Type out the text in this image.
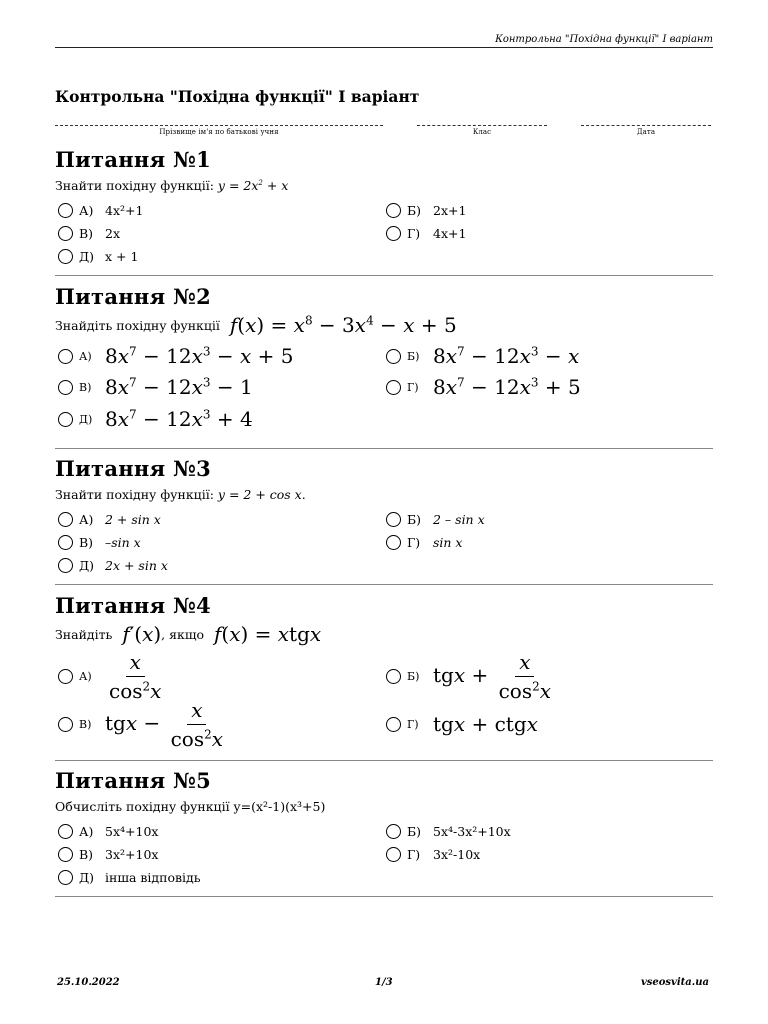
Контрольна "Похідна функції" І варіант
Контрольна "Похідна функції" І варіант
Прізвище ім'я по батькові учня	Клас	Дата
Питання №1
Знайти похідну функції: $y = 2x^2 + x$
А) 4x²+1	Б) 2x+1
В) 2x	Г)	4x+1
Д) x + 1
Питання №2
Знайдіть похідну функції $f(x) = x^8 - 3x^4 - x + 5$
А) $8x^7 - 12x^3 - x + 5$	Б) $8x^7 - 12x^3 - x$
В) $8x^7 - 12x^3 - 1$	Г) $8x^7 - 12x^3 + 5$
Д) $8x^7 - 12x^3 + 4$
Питання №3
Знайти похідну функції: y = 2 + cos x.
А) 2 + sin x	Б) 2 – sin x
В) –sin x	Г)	sin x
Д) 2x + sin x
Питання №4
Знайдіть f′(x) , якщо f(x) = xtgx
$А) \frac{x}{\cos^2x}$	Б) tgx + $\frac{x}{\cos^2x}$
В) tgx − $\frac{x}{\cos^2x}$	Г) tgx + ctgx
Питання №5
Обчисліть похідну функції y=(x²-1)(x³+5)
А) 5x⁴+10x	Б) 5x⁴-3x²+10x
В) 3x²+10x	Г)	3x²-10x
Д) інша відповідь
25.10.2022	1/3	vseosvita.ua
